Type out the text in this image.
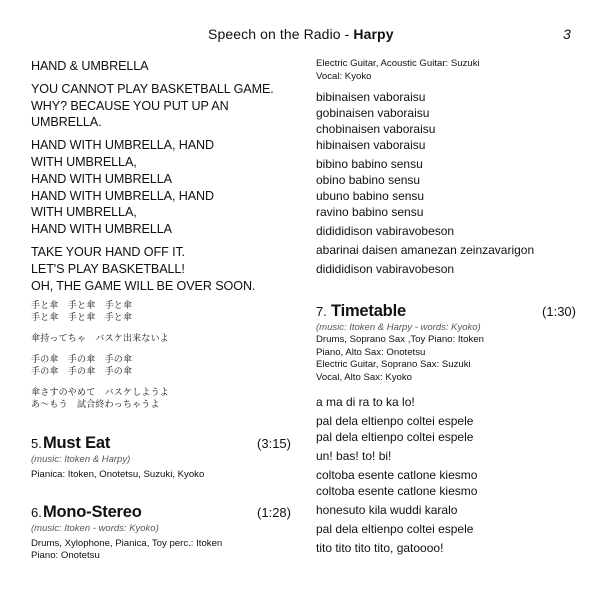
Speech on the Radio - Harpy	3
HAND & UMBRELLA
YOU CANNOT PLAY BASKETBALL GAME.
WHY? BECAUSE YOU PUT UP AN
UMBRELLA.
HAND WITH UMBRELLA, HAND
WITH UMBRELLA,
HAND WITH UMBRELLA
HAND WITH UMBRELLA, HAND
WITH UMBRELLA,
HAND WITH UMBRELLA
TAKE YOUR HAND OFF IT.
LET'S PLAY BASKETBALL!
OH, THE GAME WILL BE OVER SOON.
手と傘　手と傘　手と傘
手と傘　手と傘　手と傘
傘持ってちゃ　バスケ出来ないよ
手の傘　手の傘　手の傘
手の傘　手の傘　手の傘
傘さすのやめて　バスケしようよ
あ～もう　試合終わっちゃうよ
5. Must Eat	(3:15)
(music: Itoken & Harpy)
Pianica: Itoken, Onotetsu, Suzuki, Kyoko
6. Mono-Stereo	(1:28)
(music: Itoken - words: Kyoko)
Drums, Xylophone, Pianica, Toy perc.: Itoken
Piano: Onotetsu
Electric Guitar, Acoustic Guitar: Suzuki
Vocal: Kyoko
bibinaisen vaboraisu
gobinaisen vaboraisu
chobinaisen vaboraisu
hibinaisen vaboraisu
bibino babino sensu
obino babino sensu
ubuno babino sensu
ravino babino sensu
didididison vabiravobeson
abarinai daisen amanezan zeinzavarigon
didididison vabiravobeson
7. Timetable	(1:30)
(music: Itoken & Harpy - words: Kyoko)
Drums, Soprano Sax ,Toy Piano: Itoken
Piano, Alto Sax: Onotetsu
Electric Guitar, Soprano Sax: Suzuki
Vocal, Alto Sax: Kyoko
a ma di ra to ka lo!
pal dela eltienpo coltei espele
pal dela eltienpo coltei espele
un! bas! to! bi!
coltoba esente catlone kiesmo
coltoba esente catlone kiesmo
honesuto kila wuddi karalo
pal dela eltienpo coltei espele
tito tito tito tito, gatoooo!
